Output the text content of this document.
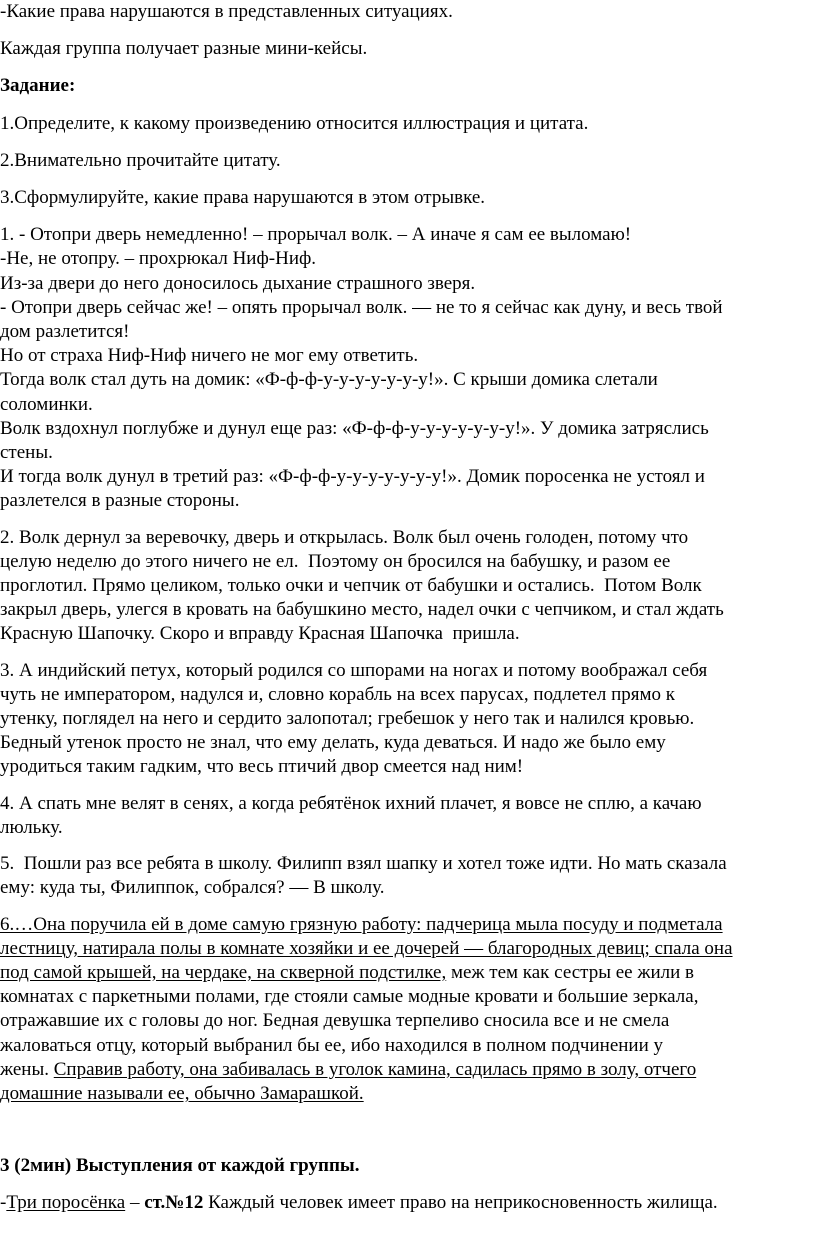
-Какие права нарушаются в представленных ситуациях.
Каждая группа получает разные мини-кейсы.
Задание:
1.Определите, к какому произведению относится иллюстрация и цитата.
2.Внимательно прочитайте цитату.
3.Сформулируйте, какие права нарушаются в этом отрывке.
1. - Отопри дверь немедленно! – прорычал волк. – А иначе я сам ее выломаю!
-Не, не отопру. – прохрюкал Ниф-Ниф.
Из-за двери до него доносилось дыхание страшного зверя.
- Отопри дверь сейчас же! – опять прорычал волк. — не то я сейчас как дуну, и весь твой
дом разлетится!
Но от страха Ниф-Ниф ничего не мог ему ответить.
Тогда волк стал дуть на домик: «Ф-ф-ф-у-у-у-у-у-у-у!». С крыши домика слетали
соломинки.
Волк вздохнул поглубже и дунул еще раз: «Ф-ф-ф-у-у-у-у-у-у-у!». У домика затряслись
стены.
И тогда волк дунул в третий раз: «Ф-ф-ф-у-у-у-у-у-у-у!». Домик поросенка не устоял и
разлетелся в разные стороны.
2. Волк дернул за веревочку, дверь и открылась. Волк был очень голоден, потому что
целую неделю до этого ничего не ел.  Поэтому он бросился на бабушку, и разом ее
проглотил. Прямо целиком, только очки и чепчик от бабушки и остались.  Потом Волк
закрыл дверь, улегся в кровать на бабушкино место, надел очки с чепчиком, и стал ждать
Красную Шапочку. Скоро и вправду Красная Шапочка  пришла.
3. А индийский петух, который родился со шпорами на ногах и потому воображал себя
чуть не императором, надулся и, словно корабль на всех парусах, подлетел прямо к
утенку, поглядел на него и сердито залопотал; гребешок у него так и налился кровью.
Бедный утенок просто не знал, что ему делать, куда деваться. И надо же было ему
уродиться таким гадким, что весь птичий двор смеется над ним!
4. А спать мне велят в сенях, а когда ребятёнок ихний плачет, я вовсе не сплю, а качаю
люльку.
5.  Пошли раз все ребята в школу. Филипп взял шапку и хотел тоже идти. Но мать сказала
ему: куда ты, Филиппок, собрался? — В школу.
6.…Она поручила ей в доме самую грязную работу: падчерица мыла посуду и подметала
лестницу, натирала полы в комнате хозяйки и ее дочерей — благородных девиц; спала она
под самой крышей, на чердаке, на скверной подстилке, меж тем как сестры ее жили в
комнатах с паркетными полами, где стояли самые модные кровати и большие зеркала,
отражавшие их с головы до ног. Бедная девушка терпеливо сносила все и не смела
жаловаться отцу, который выбранил бы ее, ибо находился в полном подчинении у
жены. Справив работу, она забивалась в уголок камина, садилась прямо в золу, отчего
домашние называли ее, обычно Замарашкой.
3 (2мин) Выступления от каждой группы.
-Три поросёнка – ст.№12 Каждый человек имеет право на неприкосновенность жилища.
